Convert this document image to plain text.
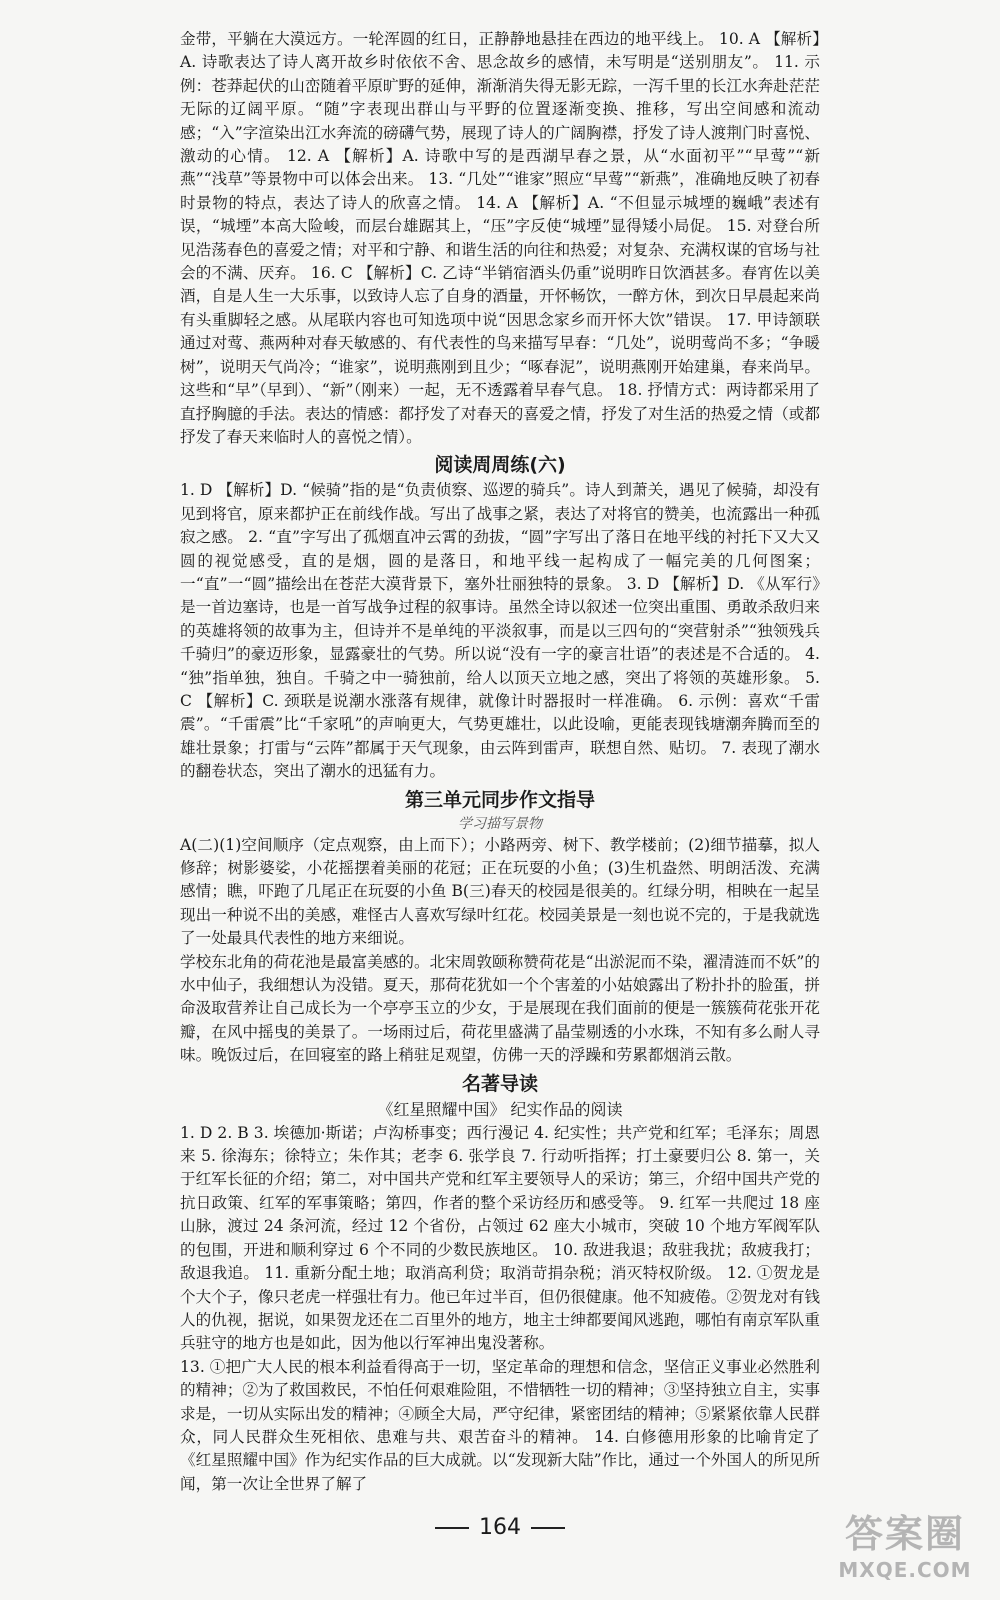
金带，平躺在大漠远方。一轮浑圆的红日，正静静地悬挂在西边的地平线上。 10. A 【解析】A. 诗歌表达了诗人离开故乡时依依不舍、思念故乡的感情，未写明是“送别朋友”。 11. 示例：苍莽起伏的山峦随着平原旷野的延伸，渐渐消失得无影无踪，一泻千里的长江水奔赴茫茫无际的辽阔平原。“随”字表现出群山与平野的位置逐渐变换、推移，写出空间感和流动感；“入”字渲染出江水奔流的磅礴气势，展现了诗人的广阔胸襟，抒发了诗人渡荆门时喜悦、激动的心情。 12. A 【解析】A. 诗歌中写的是西湖早春之景，从“水面初平”“早莺”“新燕”“浅草”等景物中可以体会出来。 13. “几处”“谁家”照应“早莺”“新燕”，准确地反映了初春时景物的特点，表达了诗人的欣喜之情。 14. A 【解析】A. “不但显示城堙的巍峨”表述有误，“城堙”本高大险峻，而层台雄踞其上，“压”字反使“城堙”显得矮小局促。 15. 对登台所见浩荡春色的喜爱之情；对平和宁静、和谐生活的向往和热爱；对复杂、充满权谋的官场与社会的不满、厌弃。 16. C 【解析】C. 乙诗“半销宿酒头仍重”说明昨日饮酒甚多。春宵佐以美酒，自是人生一大乐事，以致诗人忘了自身的酒量，开怀畅饮，一醉方休，到次日早晨起来尚有头重脚轻之感。从尾联内容也可知选项中说“因思念家乡而开怀大饮”错误。 17. 甲诗颔联通过对莺、燕两种对春天敏感的、有代表性的鸟来描写早春：“几处”，说明莺尚不多；“争暖树”，说明天气尚冷；“谁家”，说明燕刚到且少；“啄春泥”，说明燕刚开始建巢，春来尚早。这些和“早”（早到）、“新”（刚来）一起，无不透露着早春气息。 18. 抒情方式：两诗都采用了直抒胸臆的手法。表达的情感：都抒发了对春天的喜爱之情，抒发了对生活的热爱之情（或都抒发了春天来临时人的喜悦之情）。

阅读周周练(六)

1. D 【解析】D. “候骑”指的是“负责侦察、巡逻的骑兵”。诗人到萧关，遇见了候骑，却没有见到将官，原来都护正在前线作战。写出了战事之紧，表达了对将官的赞美，也流露出一种孤寂之感。 2. “直”字写出了孤烟直冲云霄的劲拔，“圆”字写出了落日在地平线的衬托下又大又圆的视觉感受，直的是烟，圆的是落日，和地平线一起构成了一幅完美的几何图案；一“直”一“圆”描绘出在苍茫大漠背景下，塞外壮丽独特的景象。 3. D 【解析】D. 《从军行》是一首边塞诗，也是一首写战争过程的叙事诗。虽然全诗以叙述一位突出重围、勇敢杀敌归来的英雄将领的故事为主，但诗并不是单纯的平淡叙事，而是以三四句的“突营射杀”“独领残兵千骑归”的豪迈形象，显露豪壮的气势。所以说“没有一字的豪言壮语”的表述是不合适的。 4. “独”指单独，独自。千骑之中一骑独前，给人以顶天立地之感，突出了将领的英雄形象。 5. C 【解析】C. 颈联是说潮水涨落有规律，就像计时器报时一样准确。 6. 示例：喜欢“千雷震”。“千雷震”比“千家吼”的声响更大，气势更雄壮，以此设喻，更能表现钱塘潮奔腾而至的雄壮景象；打雷与“云阵”都属于天气现象，由云阵到雷声，联想自然、贴切。 7. 表现了潮水的翻卷状态，突出了潮水的迅猛有力。

第三单元同步作文指导
学习描写景物

A(二)(1)空间顺序（定点观察，由上而下）；小路两旁、树下、教学楼前；(2)细节描摹，拟人修辞；树影婆娑，小花摇摆着美丽的花冠；正在玩耍的小鱼；(3)生机盎然、明朗活泼、充满感情；瞧，吓跑了几尾正在玩耍的小鱼 B(三)春天的校园是很美的。红绿分明，相映在一起呈现出一种说不出的美感，难怪古人喜欢写绿叶红花。校园美景是一刻也说不完的，于是我就选了一处最具代表性的地方来细说。

学校东北角的荷花池是最富美感的。北宋周敦颐称赞荷花是“出淤泥而不染，濯清涟而不妖”的水中仙子，我细想认为没错。夏天，那荷花犹如一个个害羞的小姑娘露出了粉扑扑的脸蛋，拼命汲取营养让自己成长为一个亭亭玉立的少女，于是展现在我们面前的便是一簇簇荷花张开花瓣，在风中摇曳的美景了。一场雨过后，荷花里盛满了晶莹剔透的小水珠，不知有多么耐人寻味。晚饭过后，在回寝室的路上稍驻足观望，仿佛一天的浮躁和劳累都烟消云散。

名著导读
《红星照耀中国》 纪实作品的阅读

1. D 2. B 3. 埃德加·斯诺；卢沟桥事变；西行漫记 4. 纪实性；共产党和红军；毛泽东；周恩来 5. 徐海东；徐特立；朱作其；老李 6. 张学良 7. 行动听指挥；打土豪要归公 8. 第一，关于红军长征的介绍；第二，对中国共产党和红军主要领导人的采访；第三，介绍中国共产党的抗日政策、红军的军事策略；第四，作者的整个采访经历和感受等。 9. 红军一共爬过 18 座山脉，渡过 24 条河流，经过 12 个省份，占领过 62 座大小城市，突破 10 个地方军阀军队的包围，开进和顺利穿过 6 个不同的少数民族地区。 10. 敌进我退；敌驻我扰；敌疲我打；敌退我追。 11. 重新分配土地；取消高利贷；取消苛捐杂税；消灭特权阶级。 12. ①贺龙是个大个子，像只老虎一样强壮有力。他已年过半百，但仍很健康。他不知疲倦。②贺龙对有钱人的仇视，据说，如果贺龙还在二百里外的地方，地主士绅都要闻风逃跑，哪怕有南京军队重兵驻守的地方也是如此，因为他以行军神出鬼没著称。

13. ①把广大人民的根本利益看得高于一切，坚定革命的理想和信念，坚信正义事业必然胜利的精神；②为了救国救民，不怕任何艰难险阻，不惜牺牲一切的精神；③坚持独立自主，实事求是，一切从实际出发的精神；④顾全大局，严守纪律，紧密团结的精神；⑤紧紧依靠人民群众，同人民群众生死相依、患难与共、艰苦奋斗的精神。 14. 白修德用形象的比喻肯定了《红星照耀中国》作为纪实作品的巨大成就。以“发现新大陆”作比，通过一个外国人的所见所闻，第一次让全世界了解了

164	答案圈
MXQE.COM
